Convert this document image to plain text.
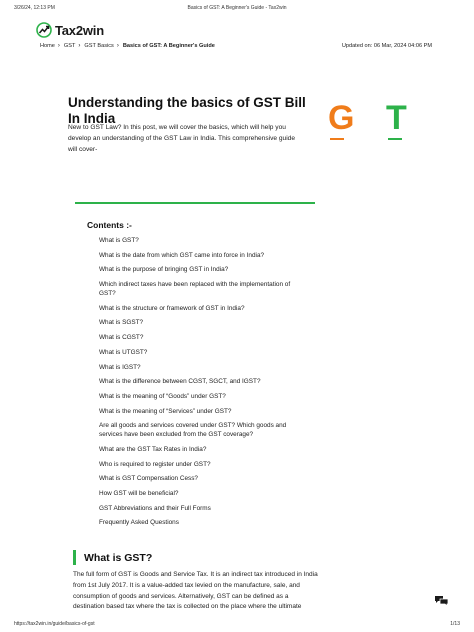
3/26/24, 12:13 PM	Basics of GST: A Beginner's Guide - Tax2win
Tax2win
Home › GST › GST Basics › Basics of GST: A Beginner's Guide	Updated on: 06 Mar, 2024 04:06 PM
Understanding the basics of GST Bill In India

New to GST Law? In this post, we will cover the basics, which will help you develop an understanding of the GST Law in India. This comprehensive guide will cover-

G T
Contents :-
What is GST?
What is the date from which GST came into force in India?
What is the purpose of bringing GST in India?
Which indirect taxes have been replaced with the implementation of GST?
What is the structure or framework of GST in India?
What is SGST?
What is CGST?
What is UTGST?
What is IGST?
What is the difference between CGST, SGCT, and IGST?
What is the meaning of “Goods” under GST?
What is the meaning of “Services” under GST?
Are all goods and services covered under GST? Which goods and services have been excluded from the GST coverage?
What are the GST Tax Rates in India?
Who is required to register under GST?
What is GST Compensation Cess?
How GST will be beneficial?
GST Abbreviations and their Full Forms
Frequently Asked Questions
What is GST?

The full form of GST is Goods and Service Tax. It is an indirect tax introduced in India from 1st July 2017. It is a value-added tax levied on the manufacture, sale, and consumption of goods and services. Alternatively, GST can be defined as a destination based tax where the tax is collected on the place where the ultimate

https://tax2win.in/guide/basics-of-gst	1/13
